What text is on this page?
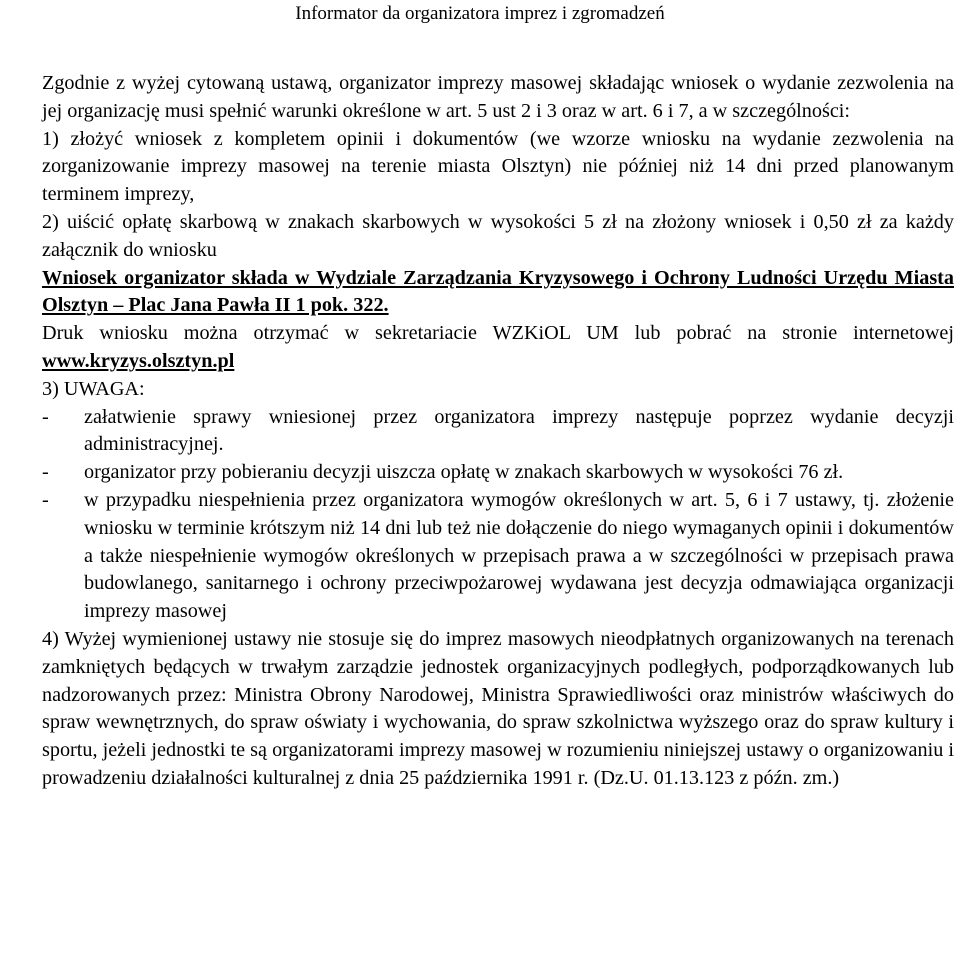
Informator da organizatora imprez i zgromadzeń

Zgodnie z wyżej cytowaną ustawą, organizator imprezy masowej składając wniosek o wydanie zezwolenia na jej organizację musi spełnić warunki określone w art. 5 ust 2 i 3 oraz w art. 6 i 7, a w szczególności:

1) złożyć wniosek z kompletem opinii i dokumentów (we wzorze wniosku na wydanie zezwolenia na zorganizowanie imprezy masowej na terenie miasta Olsztyn) nie później niż 14 dni przed planowanym terminem imprezy,

2) uiścić opłatę skarbową w znakach skarbowych w wysokości 5 zł na złożony wniosek i 0,50 zł za każdy załącznik do wniosku

Wniosek organizator składa w Wydziale Zarządzania Kryzysowego i Ochrony Ludności Urzędu Miasta Olsztyn – Plac Jana Pawła II 1 pok. 322.

Druk wniosku można otrzymać w sekretariacie WZKiOL UM lub pobrać na stronie internetowej www.kryzys.olsztyn.pl

3) UWAGA:

- załatwienie sprawy wniesionej przez organizatora imprezy następuje poprzez wydanie decyzji administracyjnej.
- organizator przy pobieraniu decyzji uiszcza opłatę w znakach skarbowych w wysokości 76 zł.
- w przypadku niespełnienia przez organizatora wymogów określonych w art. 5, 6 i 7 ustawy, tj. złożenie wniosku w terminie krótszym niż 14 dni lub też nie dołączenie do niego wymaganych opinii i dokumentów a także niespełnienie wymogów określonych w przepisach prawa a w szczególności w przepisach prawa budowlanego, sanitarnego i ochrony przeciwpożarowej wydawana jest decyzja odmawiająca organizacji imprezy masowej

4) Wyżej wymienionej ustawy nie stosuje się do imprez masowych nieodpłatnych organizowanych na terenach zamkniętych będących w trwałym zarządzie jednostek organizacyjnych podległych, podporządkowanych lub nadzorowanych przez: Ministra Obrony Narodowej, Ministra Sprawiedliwości oraz ministrów właściwych do spraw wewnętrznych, do spraw oświaty i wychowania, do spraw szkolnictwa wyższego oraz do spraw kultury i sportu, jeżeli jednostki te są organizatorami imprezy masowej w rozumieniu niniejszej ustawy o organizowaniu i prowadzeniu działalności kulturalnej z dnia 25 października 1991 r. (Dz.U. 01.13.123 z późn. zm.)
